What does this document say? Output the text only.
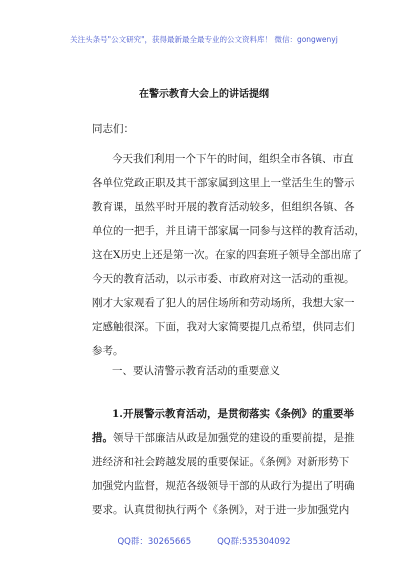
关注头条号"公文研究"，获得最新最全最专业的公文资料库！ 微信：gongwenyj
在警示教育大会上的讲话提纲
同志们：
今天我们利用一个下午的时间，组织全市各镇、市直
各单位党政正职及其干部家属到这里上一堂活生生的警示
教育课，虽然平时开展的教育活动较多，但组织各镇、各
单位的一把手，并且请干部家属一同参与这样的教育活动，
这在X历史上还是第一次。在家的四套班子领导全部出席了
今天的教育活动，以示市委、市政府对这一活动的重视。
刚才大家观看了犯人的居住场所和劳动场所，我想大家一
定感触很深。下面，我对大家简要提几点希望，供同志们
参考。
一、要认清警示教育活动的重要意义
1.开展警示教育活动，是贯彻落实《条例》的重要举
措。领导干部廉洁从政是加强党的建设的重要前提，是推
进经济和社会跨越发展的重要保证。《条例》对新形势下
加强党内监督，规范各级领导干部的从政行为提出了明确
要求。认真贯彻执行两个《条例》，对于进一步加强党内
QQ群：30265665	QQ群:535304092
